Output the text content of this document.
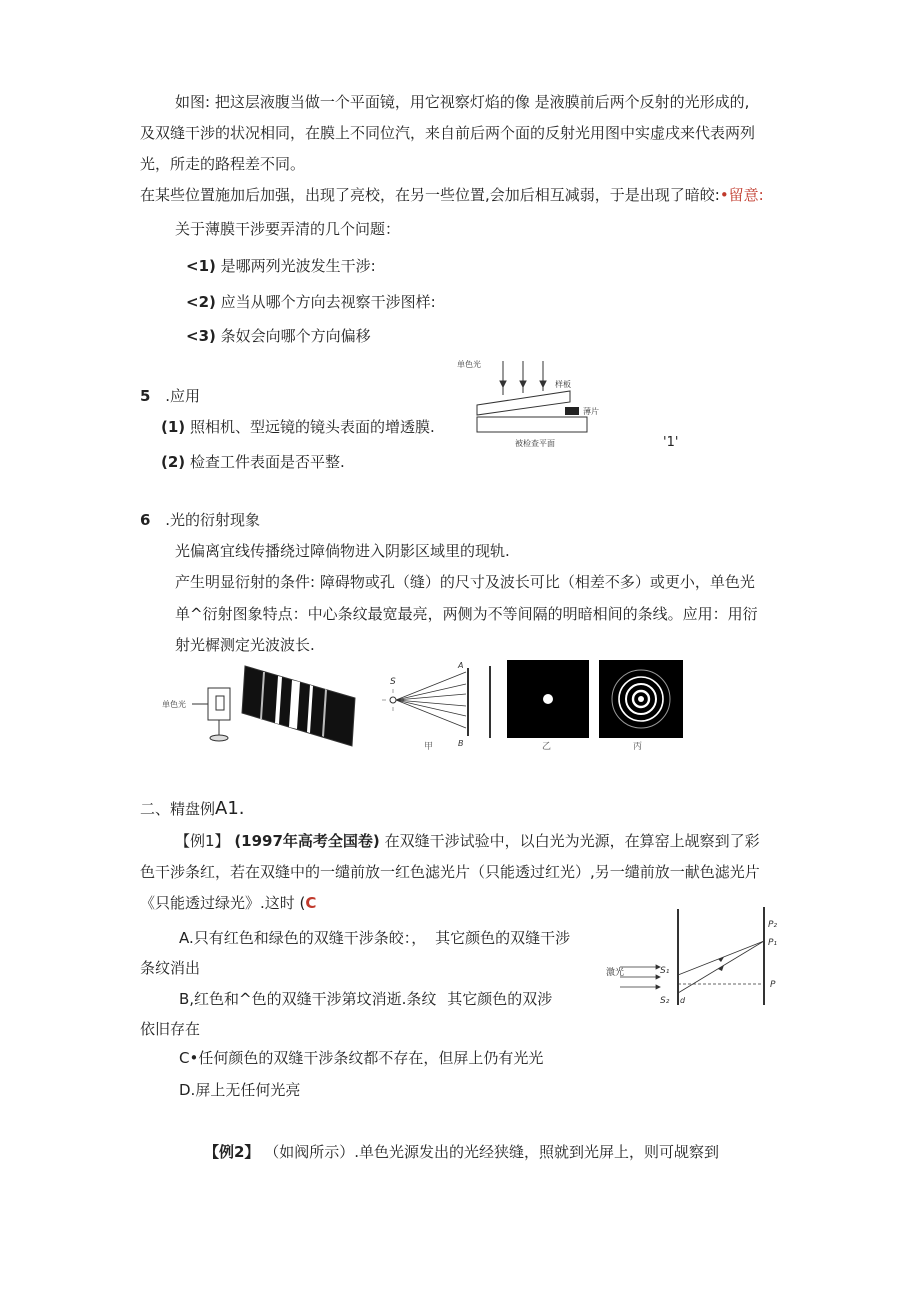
如图: 把这层液腹当做一个平面镜，用它视察灯焰的像 是液膜前后两个反射的光形成的,
及双缝干涉的状况相同，在膜上不同位汽，来自前后两个面的反射光用图中实虚戌来代表两列
光，所走的路程差不同。
在某些位置施加后加强，出现了亮校，在另一些位置,会加后相互减弱，于是出现了暗皎:•留意:
关于薄膜干涉要弄清的几个问题：
<1) 是哪两列光波发生干涉:
<2) 应当从哪个方向去视察干涉图样:
<3) 条奴会向哪个方向偏移
5 .应用
(1) 照相机、型远镜的镜头表面的增透膜.
(2) 检查工件表面是否平整.
'1'
单色光
样板
薄片
被检查平面
6 .光的衍射现象
光偏离宜线传播绕过障倘物进入阴影区域里的现轨.
产生明显衍射的条件: 障碍物或孔（缝）的尺寸及波长可比（相差不多）或更小，单色光
单^衍射图象特点：中心条纹最宽最亮，两侧为不等间隔的明暗相间的条线。应用：用衍
射光樨测定光波波长.
单色光
S
A
B
甲	乙	丙
二、精盘例A1.
【例1】 (1997年高考全国卷) 在双缝干涉试验中，以白光为光源，在算窑上觇察到了彩
色干涉条红，若在双缝中的一缱前放一红色滤光片（只能透过红光）,另一缱前放一献色滤光片
《只能透过绿光》.这时 (C
A.只有红色和绿色的双缝干涉条皎：， 其它颜色的双缝干涉
条纹消出
B,红色和^色的双缝干涉第坟消逝.条纹 其它颜色的双涉
依旧存在
C•任何颜色的双缝干涉条纹都不存在，但屏上仍有光光
D.屏上无任何光亮
激光	S₁
S₂ d
P₂
P₁
P
【例2】 （如阀所示）.单色光源发出的光经狭缝，照就到光屏上，则可觇察到
